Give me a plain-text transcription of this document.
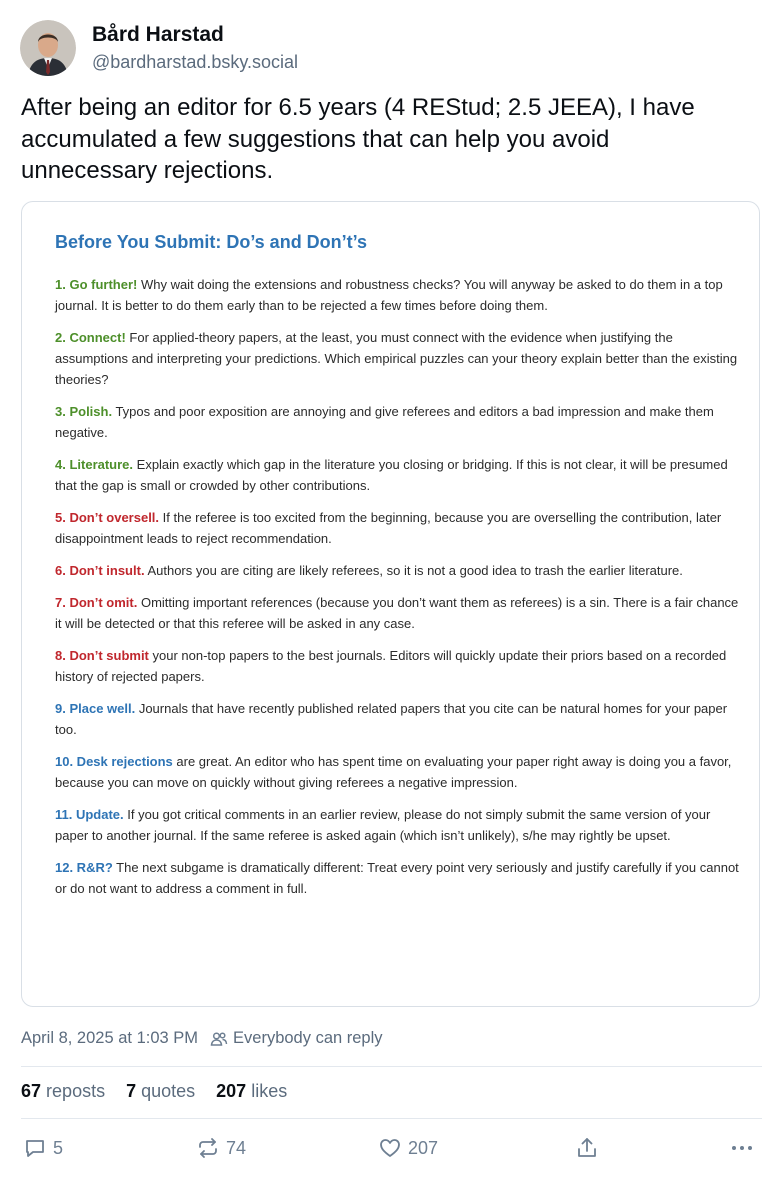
Bård Harstad
@bardharstad.bsky.social
After being an editor for 6.5 years (4 REStud; 2.5 JEEA), I have accumulated a few suggestions that can help you avoid unnecessary rejections.
Before You Submit: Do’s and Don’t’s
1. Go further! Why wait doing the extensions and robustness checks? You will anyway be asked to do them in a top journal. It is better to do them early than to be rejected a few times before doing them.
2. Connect! For applied-theory papers, at the least, you must connect with the evidence when justifying the assumptions and interpreting your predictions. Which empirical puzzles can your theory explain better than the existing theories?
3. Polish. Typos and poor exposition are annoying and give referees and editors a bad impression and make them negative.
4. Literature. Explain exactly which gap in the literature you closing or bridging. If this is not clear, it will be presumed that the gap is small or crowded by other contributions.
5. Don’t oversell. If the referee is too excited from the beginning, because you are overselling the contribution, later disappointment leads to reject recommendation.
6. Don’t insult. Authors you are citing are likely referees, so it is not a good idea to trash the earlier literature.
7. Don’t omit. Omitting important references (because you don’t want them as referees) is a sin. There is a fair chance it will be detected or that this referee will be asked in any case.
8. Don’t submit your non-top papers to the best journals. Editors will quickly update their priors based on a recorded history of rejected papers.
9. Place well. Journals that have recently published related papers that you cite can be natural homes for your paper too.
10. Desk rejections are great. An editor who has spent time on evaluating your paper right away is doing you a favor, because you can move on quickly without giving referees a negative impression.
11. Update. If you got critical comments in an earlier review, please do not simply submit the same version of your paper to another journal. If the same referee is asked again (which isn’t unlikely), s/he may rightly be upset.
12. R&R? The next subgame is dramatically different: Treat every point very seriously and justify carefully if you cannot or do not want to address a comment in full.
April 8, 2025 at 1:03 PM Everybody can reply
67 reposts 7 quotes 207 likes
5	74	207
